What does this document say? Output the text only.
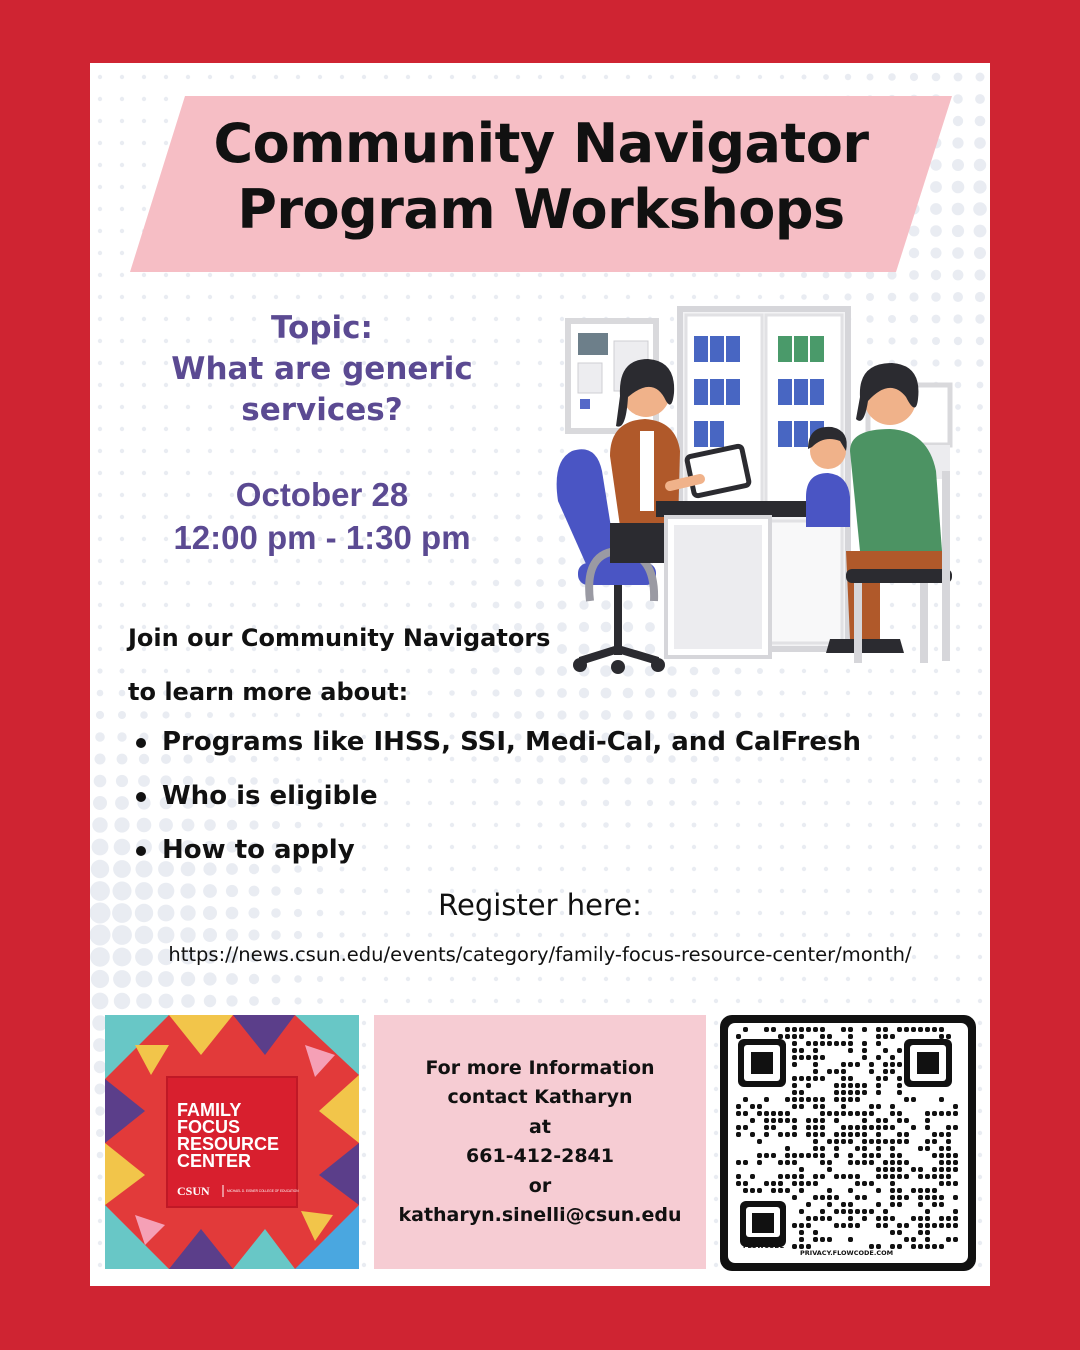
Community Navigator
Program Workshops
Topic:
What are generic
services?
October 28
12:00 pm - 1:30 pm
Join our Community Navigators
to learn more about:
Programs like IHSS, SSI, Medi-Cal, and CalFresh
Who is eligible
How to apply
Register here:
https://news.csun.edu/events/category/family-focus-resource-center/month/
FAMILY
FOCUS
RESOURCE
CENTER
CSUN	MICHAEL D. EISNER COLLEGE OF EDUCATION
For more Information
contact Katharyn
at
661-412-2841
or
katharyn.sinelli@csun.edu
FLOWCODE
PRIVACY.FLOWCODE.COM
